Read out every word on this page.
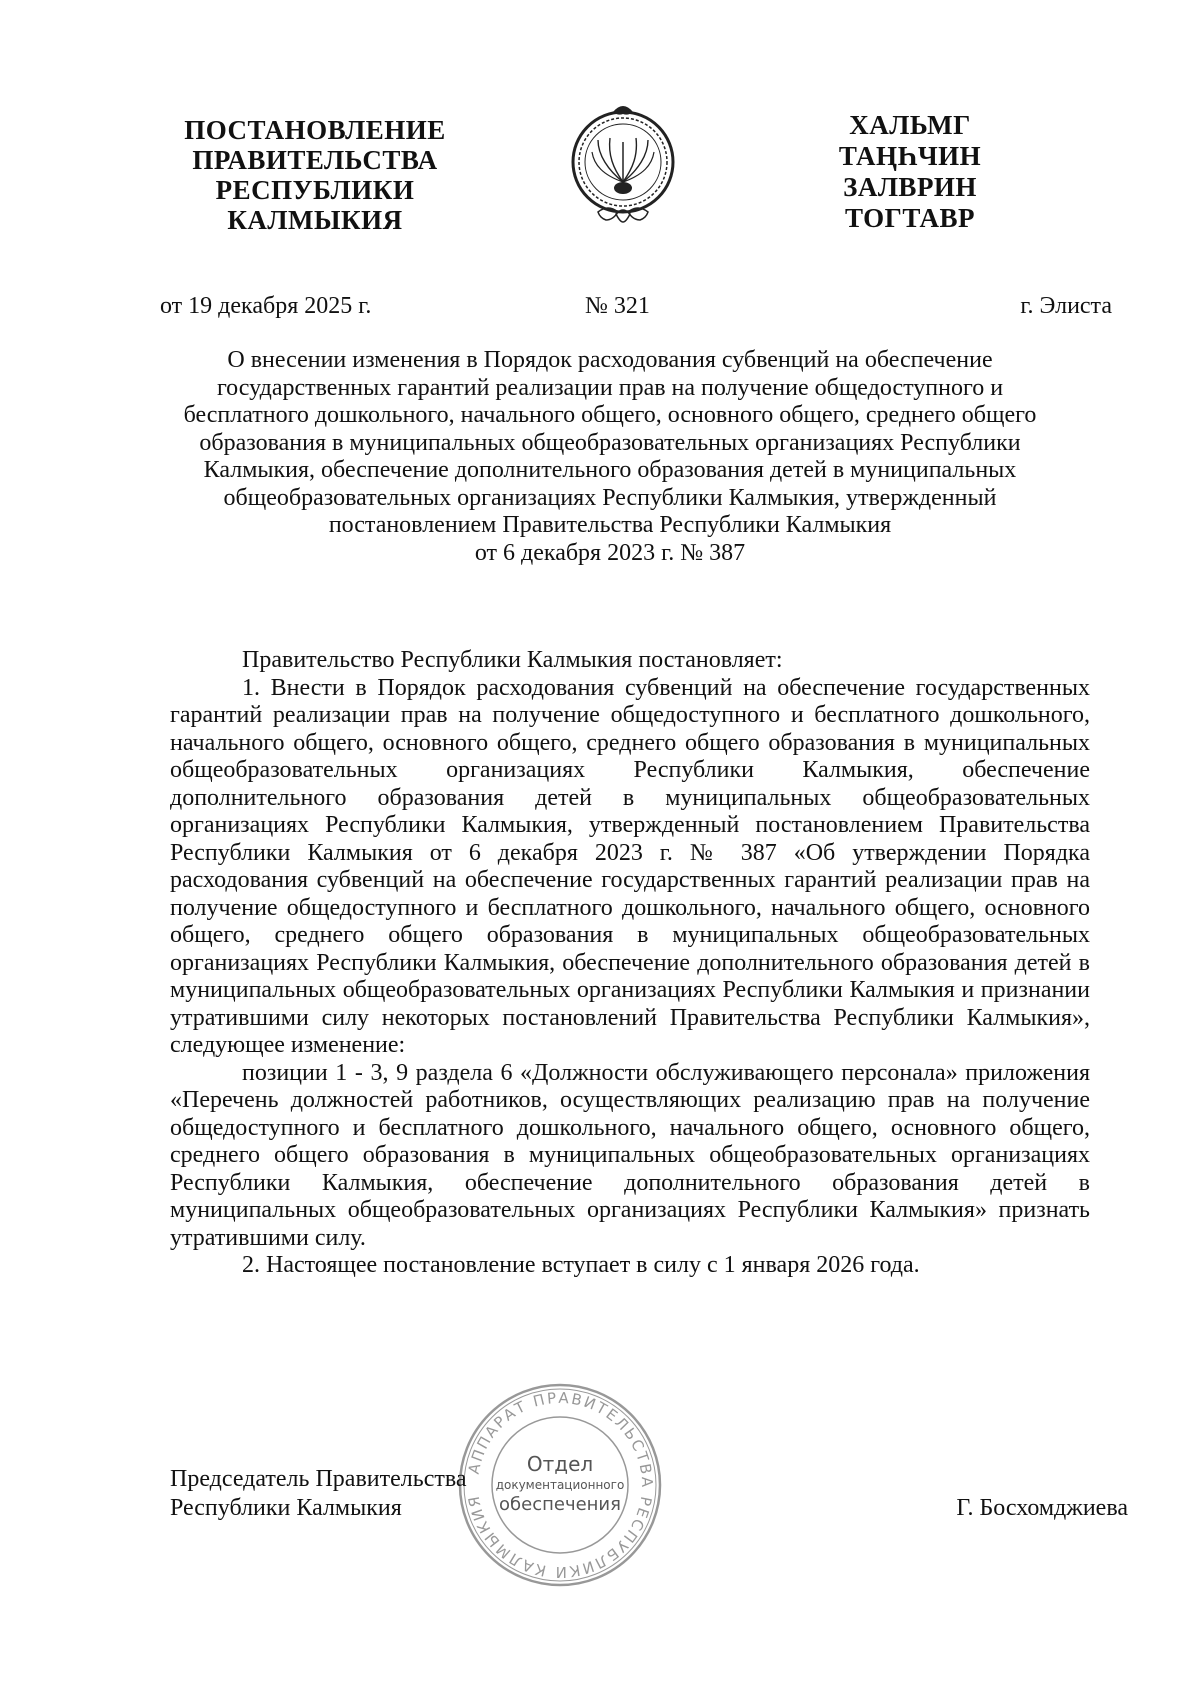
ПОСТАНОВЛЕНИЕ
ПРАВИТЕЛЬСТВА
РЕСПУБЛИКИ
КАЛМЫКИЯ
ХАЛЬМГ
ТАҢҺЧИН
ЗАЛВРИН
ТОГТАВР
от 19 декабря 2025 г.	№ 321	г. Элиста
О внесении изменения в Порядок расходования субвенций на обеспечение
государственных гарантий реализации прав на получение общедоступного и
бесплатного дошкольного, начального общего, основного общего, среднего общего
образования в муниципальных общеобразовательных организациях Республики
Калмыкия, обеспечение дополнительного образования детей в муниципальных
общеобразовательных организациях Республики Калмыкия, утвержденный
постановлением Правительства Республики Калмыкия
от 6 декабря 2023 г. № 387

Правительство Республики Калмыкия постановляет:

1. Внести в Порядок расходования субвенций на обеспечение государственных гарантий реализации прав на получение общедоступного и бесплатного дошкольного, начального общего, основного общего, среднего общего образования в муниципальных общеобразовательных организациях Республики Калмыкия, обеспечение дополнительного образования детей в муниципальных общеобразовательных организациях Республики Калмыкия, утвержденный постановлением Правительства Республики Калмыкия от 6 декабря 2023 г. № 387 «Об утверждении Порядка расходования субвенций на обеспечение государственных гарантий реализации прав на получение общедоступного и бесплатного дошкольного, начального общего, основного общего, среднего общего образования в муниципальных общеобразовательных организациях Республики Калмыкия, обеспечение дополнительного образования детей в муниципальных общеобразовательных организациях Республики Калмыкия и признании утратившими силу некоторых постановлений Правительства Республики Калмыкия», следующее изменение:

позиции 1 - 3, 9 раздела 6 «Должности обслуживающего персонала» приложения «Перечень должностей работников, осуществляющих реализацию прав на получение общедоступного и бесплатного дошкольного, начального общего, основного общего, среднего общего образования в муниципальных общеобразовательных организациях Республики Калмыкия, обеспечение дополнительного образования детей в муниципальных общеобразовательных организациях Республики Калмыкия» признать утратившими силу.

2. Настоящее постановление вступает в силу с 1 января 2026 года.

АППАРАТ ПРАВИТЕЛЬСТВА РЕСПУБЛИКИ КАЛМЫКИЯ
Отдел
документационного
обеспечения
Председатель Правительства
Республики Калмыкия	Г. Босхомджиева
